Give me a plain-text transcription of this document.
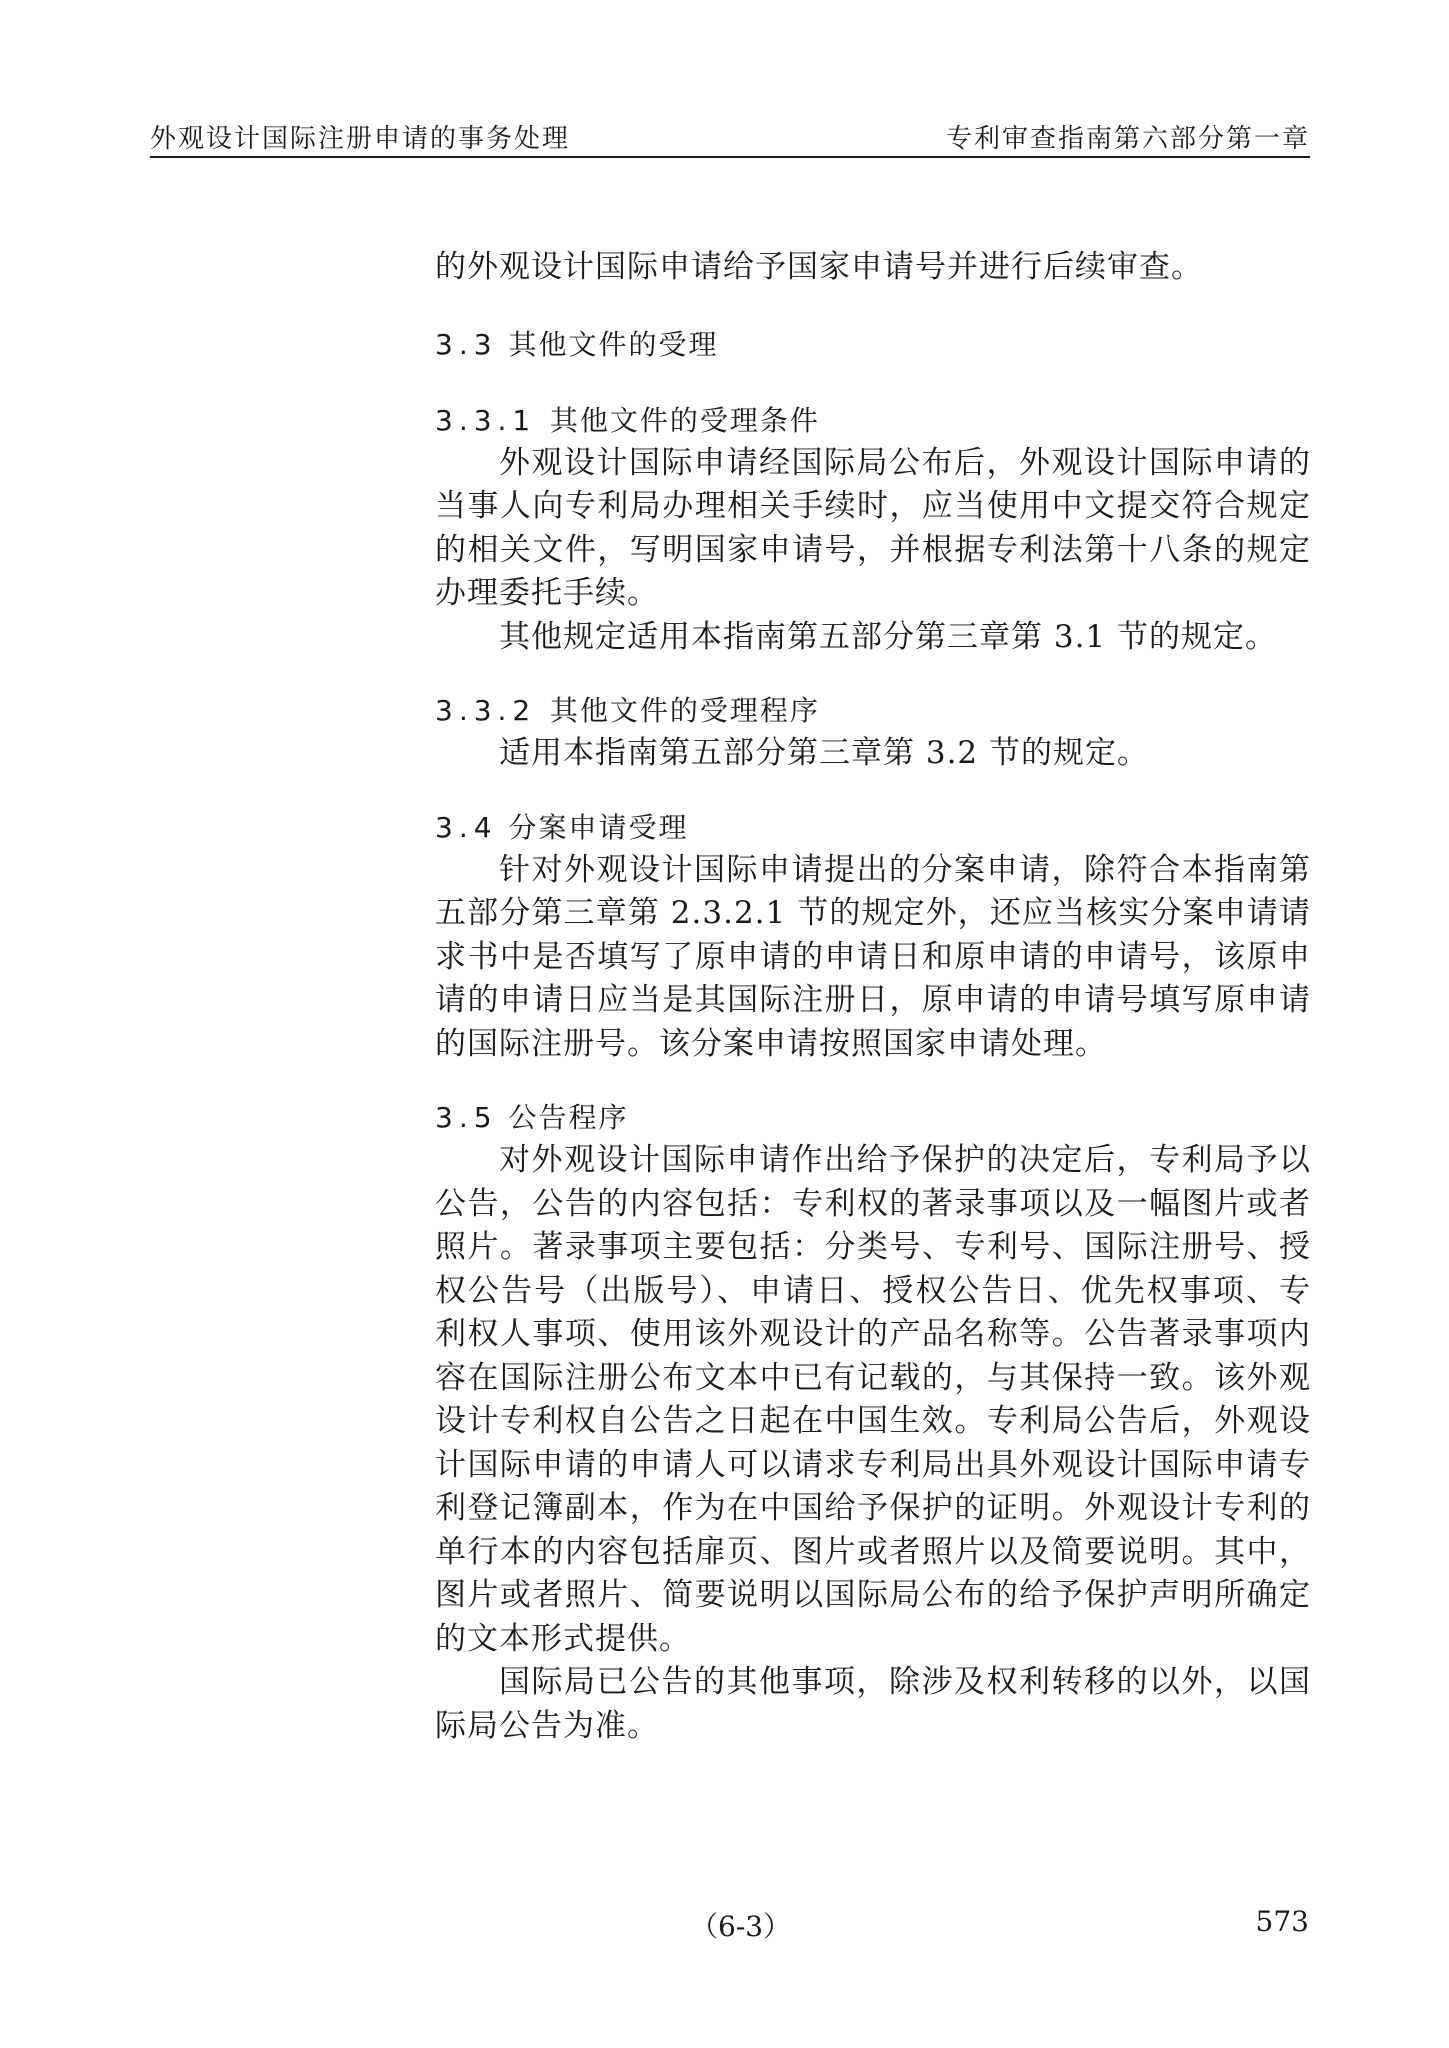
外观设计国际注册申请的事务处理	专利审查指南第六部分第一章

的外观设计国际申请给予国家申请号并进行后续审查。

3.3 其他文件的受理
3.3.1 其他文件的受理条件

外观设计国际申请经国际局公布后，外观设计国际申请的当事人向专利局办理相关手续时，应当使用中文提交符合规定的相关文件，写明国家申请号，并根据专利法第十八条的规定办理委托手续。

其他规定适用本指南第五部分第三章第 3.1 节的规定。

3.3.2 其他文件的受理程序

适用本指南第五部分第三章第 3.2 节的规定。

3.4 分案申请受理

针对外观设计国际申请提出的分案申请，除符合本指南第五部分第三章第 2.3.2.1 节的规定外，还应当核实分案申请请求书中是否填写了原申请的申请日和原申请的申请号，该原申请的申请日应当是其国际注册日，原申请的申请号填写原申请的国际注册号。该分案申请按照国家申请处理。

3.5 公告程序

对外观设计国际申请作出给予保护的决定后，专利局予以公告，公告的内容包括：专利权的著录事项以及一幅图片或者照片。著录事项主要包括：分类号、专利号、国际注册号、授权公告号（出版号）、申请日、授权公告日、优先权事项、专利权人事项、使用该外观设计的产品名称等。公告著录事项内容在国际注册公布文本中已有记载的，与其保持一致。该外观设计专利权自公告之日起在中国生效。专利局公告后，外观设计国际申请的申请人可以请求专利局出具外观设计国际申请专利登记簿副本，作为在中国给予保护的证明。外观设计专利的单行本的内容包括扉页、图片或者照片以及简要说明。其中，图片或者照片、简要说明以国际局公布的给予保护声明所确定的文本形式提供。

国际局已公告的其他事项，除涉及权利转移的以外，以国际局公告为准。

（6-3）	573
